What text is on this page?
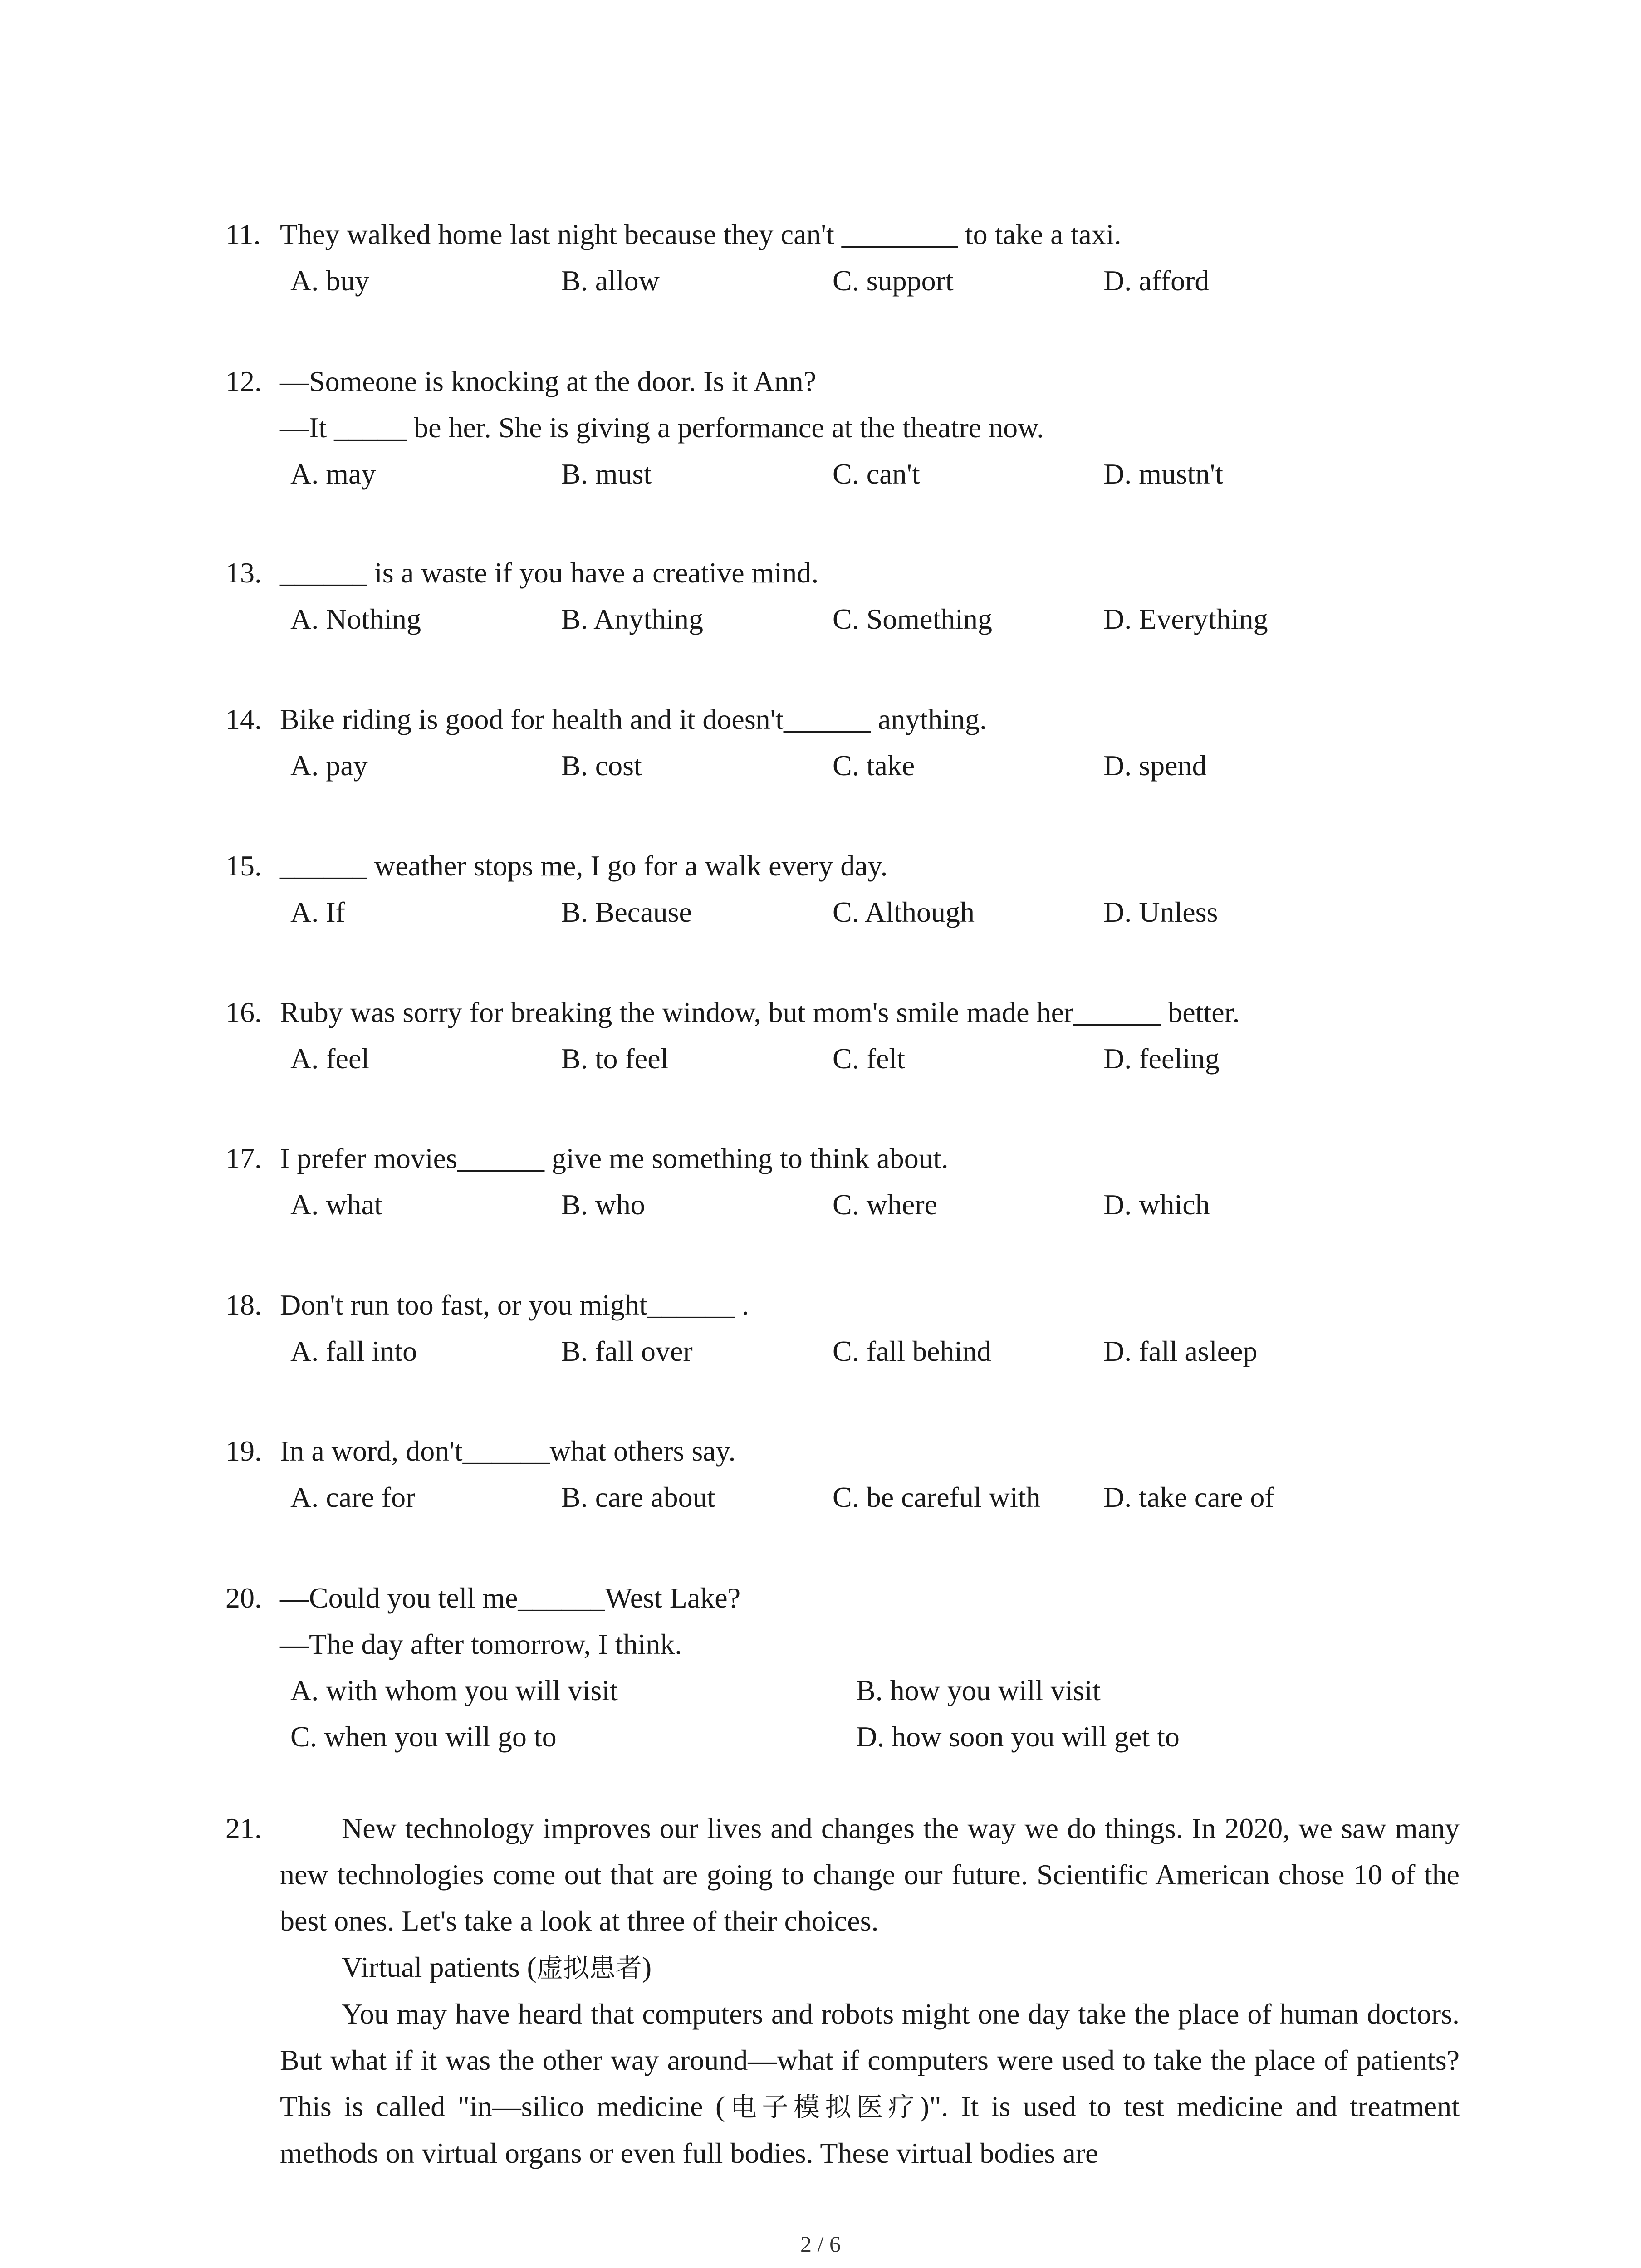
11. They walked home last night because they can't ________ to take a taxi.
A. buy	B. allow	C. support	D. afford
12. —Someone is knocking at the door. Is it Ann?
—It _____ be her. She is giving a performance at the theatre now.
A. may	B. must	C. can't	D. mustn't
13. ______ is a waste if you have a creative mind.
A. Nothing	B. Anything	C. Something	D. Everything
14. Bike riding is good for health and it doesn't______ anything.
A. pay	B. cost	C. take	D. spend
15. ______ weather stops me, I go for a walk every day.
A. If	B. Because	C. Although	D. Unless
16. Ruby was sorry for breaking the window, but mom's smile made her______ better.
A. feel	B. to feel	C. felt	D. feeling
17. I prefer movies______ give me something to think about.
A. what	B. who	C. where	D. which
18. Don't run too fast, or you might______ .
A. fall into	B. fall over	C. fall behind	D. fall asleep
19. In a word, don't______what others say.
A. care for	B. care about	C. be careful with D. take care of
20. —Could you tell me______West Lake?
—The day after tomorrow, I think.
A. with whom you will visit	B. how you will visit
C. when you will go to	D. how soon you will get to
21.	New technology improves our lives and changes the way we do things. In 2020, we saw many new technologies come out that are going to change our future. Scientific American chose 10 of the best ones. Let's take a look at three of their choices.
Virtual patients (虚拟患者)
You may have heard that computers and robots might one day take the place of human doctors. But what if it was the other way around—what if computers were used to take the place of patients? This is called "in—silico medicine (电子模拟医疗)". It is used to test medicine and treatment methods on virtual organs or even full bodies. These virtual bodies are
2 / 6
